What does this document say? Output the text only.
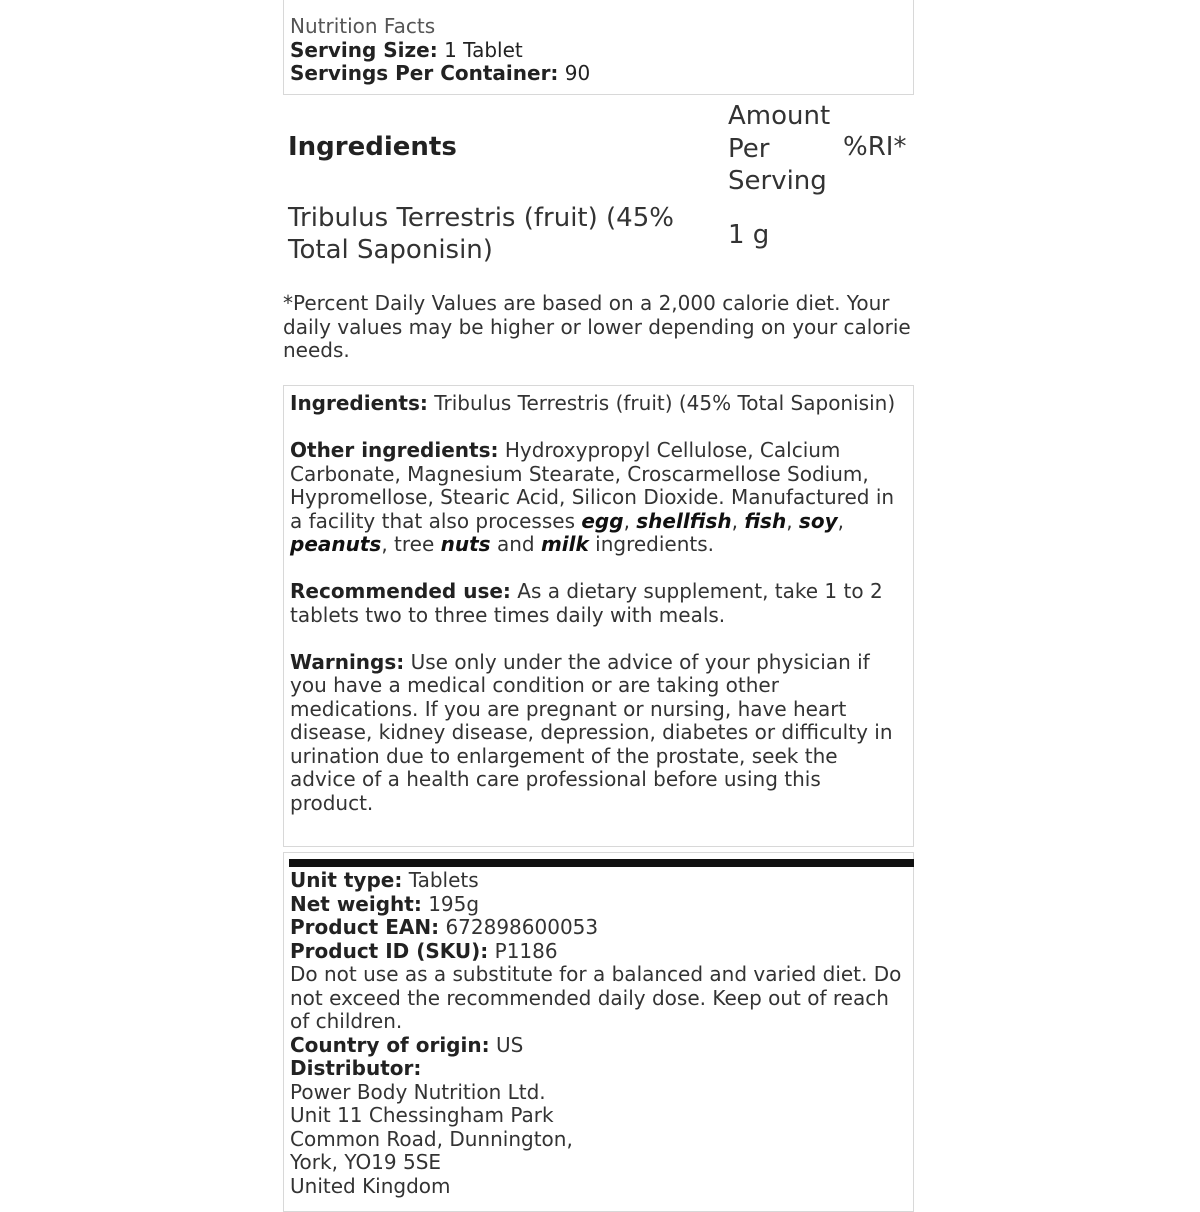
Nutrition Facts
Serving Size: 1 Tablet
Servings Per Container: 90
Ingredients
Amount Per Serving
%RI*
Tribulus Terrestris (fruit) (45% Total Saponisin)	1 g
*Percent Daily Values are based on a 2,000 calorie diet. Your daily values may be higher or lower depending on your calorie needs.

Ingredients: Tribulus Terrestris (fruit) (45% Total Saponisin)

Other ingredients: Hydroxypropyl Cellulose, Calcium Carbonate, Magnesium Stearate, Croscarmellose Sodium, Hypromellose, Stearic Acid, Silicon Dioxide. Manufactured in a facility that also processes egg, shellfish, fish, soy, peanuts, tree nuts and milk ingredients.

Recommended use: As a dietary supplement, take 1 to 2 tablets two to three times daily with meals.

Warnings: Use only under the advice of your physician if you have a medical condition or are taking other medications. If you are pregnant or nursing, have heart disease, kidney disease, depression, diabetes or difficulty in urination due to enlargement of the prostate, seek the advice of a health care professional before using this product.

Unit type: Tablets
Net weight: 195g
Product EAN: 672898600053
Product ID (SKU): P1186
Do not use as a substitute for a balanced and varied diet. Do not exceed the recommended daily dose. Keep out of reach of children.
Country of origin: US
Distributor:
Power Body Nutrition Ltd.
Unit 11 Chessingham Park
Common Road, Dunnington,
York, YO19 5SE
United Kingdom
